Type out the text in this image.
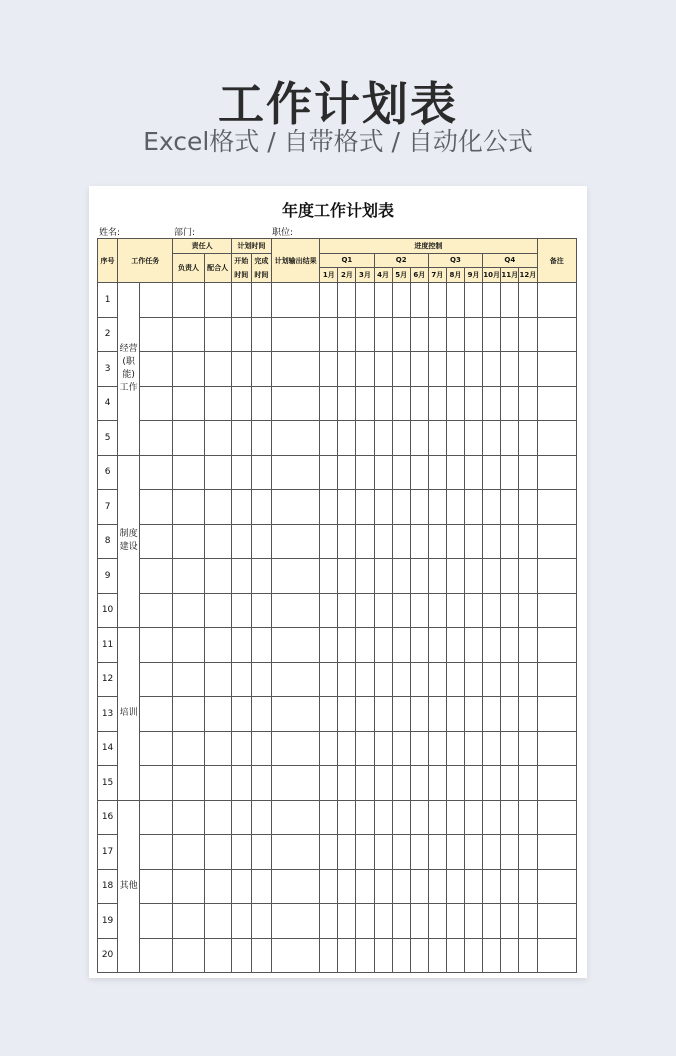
工作计划表
Excel格式 / 自带格式 / 自动化公式
年度工作计划表
姓名:	部门:	职位:
序号	工作任务		责任人		计划时间		计划输出结果	进度控制												备注
			负责人	配合人	开始时间	完成时间		Q1			Q2			Q3			Q4			
								1月	2月	3月	4月	5月	6月	7月	8月	9月	10月	11月	12月	
1	经营(职能)工作																			
2																				
3																				
4																				
5																				
6	制度建设																			
7																				
8																				
9																				
10																				
11	培训																			
12																				
13																				
14																				
15																				
16	其他																			
17																				
18																				
19																				
20																				
